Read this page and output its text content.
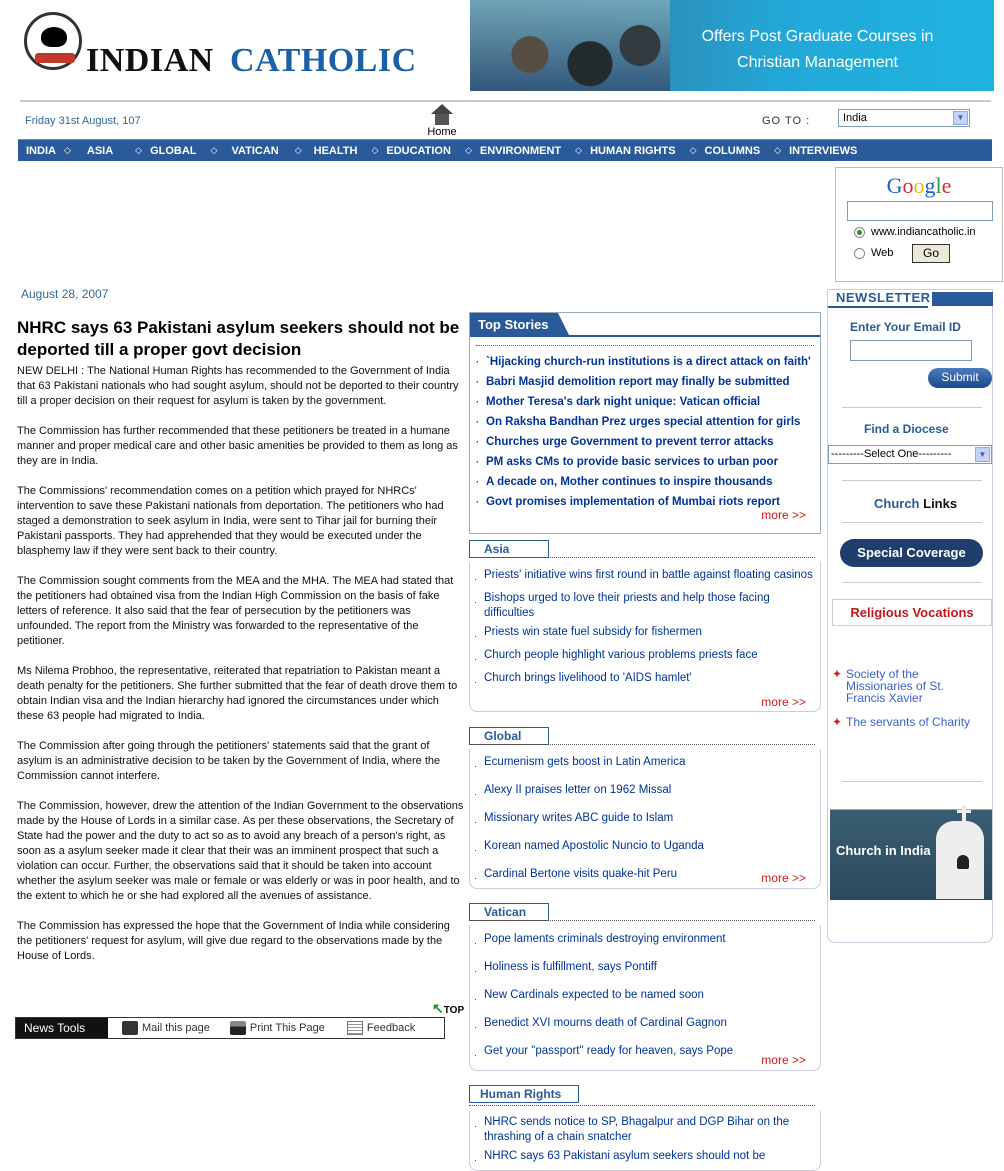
INDIAN CATHOLIC
Offers Post Graduate Courses in Christian Management
Friday 31st August, 107
Home
GO TO :	India	▼
INDIA ◇ ASIA ◇ GLOBAL ◇ VATICAN ◇ HEALTH ◇ EDUCATION ◇ ENVIRONMENT ◇ HUMAN RIGHTS ◇ COLUMNS ◇ INTERVIEWS
Google
www.indiancatholic.in
Web	Go
August 28, 2007
NHRC says 63 Pakistani asylum seekers should not be deported till a proper govt decision

NEW DELHI : The National Human Rights has recommended to the Government of India that 63 Pakistani nationals who had sought asylum, should not be deported to their country till a proper decision on their request for asylum is taken by the government.

The Commission has further recommended that these petitioners be treated in a humane manner and proper medical care and other basic amenities be provided to them as long as they are in India.

The Commissions' recommendation comes on a petition which prayed for NHRCs' intervention to save these Pakistani nationals from deportation. The petitioners who had staged a demonstration to seek asylum in India, were sent to Tihar jail for burning their Pakistani passports. They had apprehended that they would be executed under the blasphemy law if they were sent back to their country.

The Commission sought comments from the MEA and the MHA. The MEA had stated that the petitioners had obtained visa from the Indian High Commission on the basis of fake letters of reference. It also said that the fear of persecution by the petitioners was unfounded. The report from the Ministry was forwarded to the representative of the petitioner.

Ms Nilema Probhoo, the representative, reiterated that repatriation to Pakistan meant a death penalty for the petitioners. She further submitted that the fear of death drove them to obtain Indian visa and the Indian hierarchy had ignored the circumstances under which these 63 people had migrated to India.

The Commission after going through the petitioners' statements said that the grant of asylum is an administrative decision to be taken by the Government of India, where the Commission cannot interfere.

The Commission, however, drew the attention of the Indian Government to the observations made by the House of Lords in a similar case. As per these observations, the Secretary of State had the power and the duty to act so as to avoid any breach of a person's right, as soon as a asylum seeker made it clear that their was an imminent prospect that such a violation can occur. Further, the observations said that it should be taken into account whether the asylum seeker was male or female or was elderly or was in poor health, and to the extent to which he or she had explored all the avenues of assistance.

The Commission has expressed the hope that the Government of India while considering the petitioners' request for asylum, will give due regard to the observations made by the House of Lords.

↖TOP
News Tools	Mail this page	Print This Page	Feedback
Top Stories
· `Hijacking church-run institutions is a direct attack on faith'
· Babri Masjid demolition report may finally be submitted
· Mother Teresa's dark night unique: Vatican official
· On Raksha Bandhan Prez urges special attention for girls
· Churches urge Government to prevent terror attacks
· PM asks CMs to provide basic services to urban poor
· A decade on, Mother continues to inspire thousands
· Govt promises implementation of Mumbai riots report
more >>
Asia
· Priests' initiative wins first round in battle against floating casinos
· Bishops urged to love their priests and help those facing difficulties
· Priests win state fuel subsidy for fishermen
· Church people highlight various problems priests face
· Church brings livelihood to 'AIDS hamlet'
more >>
Global
· Ecumenism gets boost in Latin America
· Alexy II praises letter on 1962 Missal
· Missionary writes ABC guide to Islam
· Korean named Apostolic Nuncio to Uganda
· Cardinal Bertone visits quake-hit Peru	more >>
Vatican
· Pope laments criminals destroying environment
· Holiness is fulfillment, says Pontiff
· New Cardinals expected to be named soon
· Benedict XVI mourns death of Cardinal Gagnon
· Get your "passport" ready for heaven, says Pope
more >>
Human Rights
· NHRC sends notice to SP, Bhagalpur and DGP Bihar on the thrashing of a chain snatcher
· NHRC says 63 Pakistani asylum seekers should not be
NEWSLETTER
Enter Your Email ID
Submit
Find a Diocese
---------Select One---------	▼
Church Links
Special Coverage
Religious Vocations
✦ Society of the Missionaries of St. Francis Xavier
✦ The servants of Charity
Church in India
